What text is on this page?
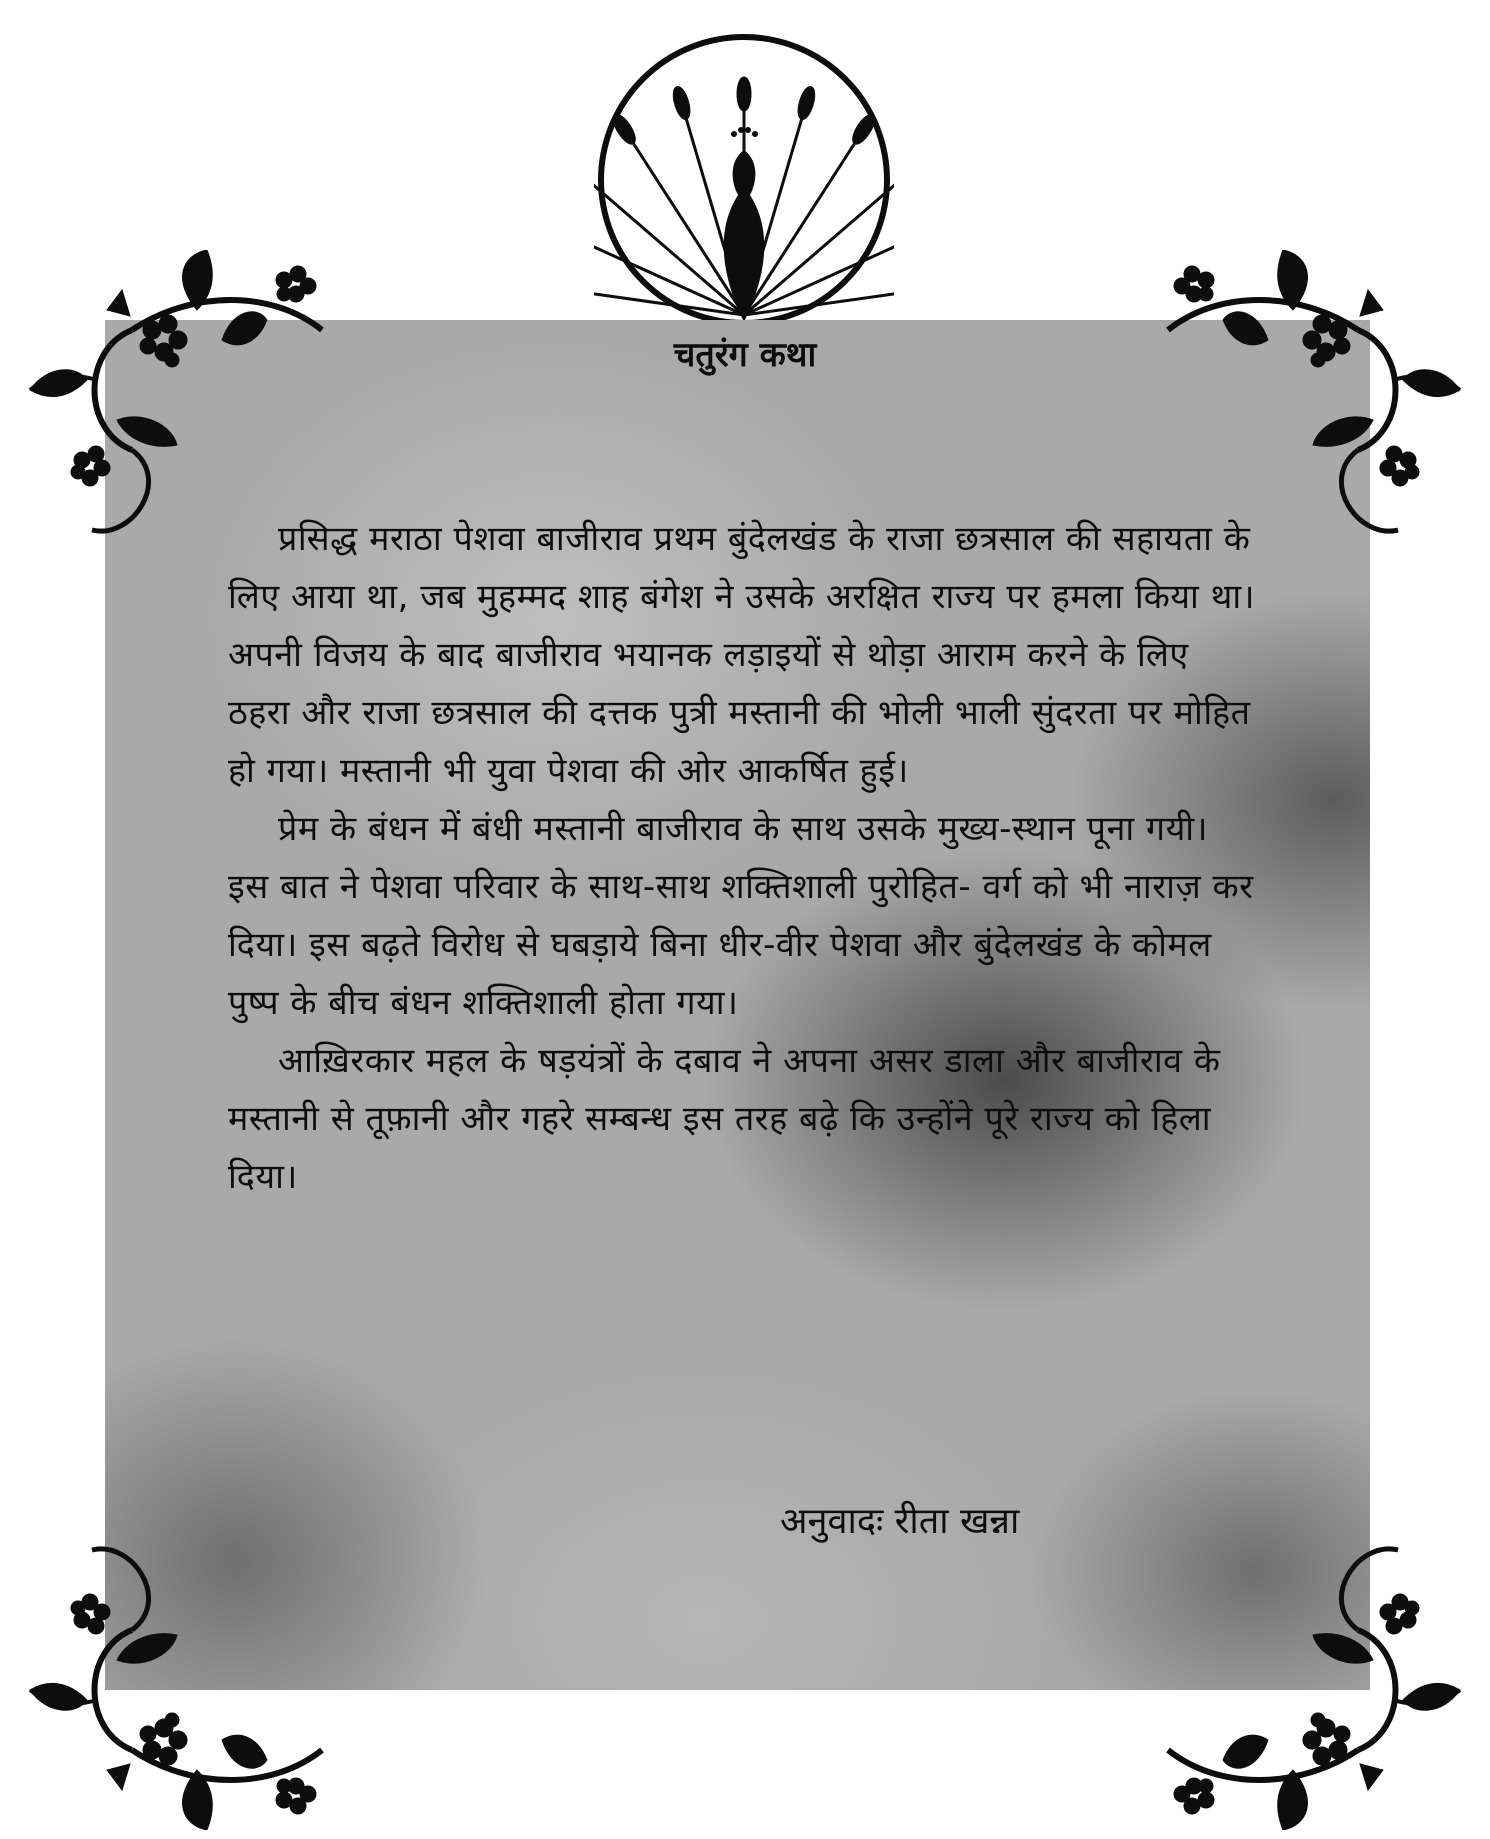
चतुरंग कथा

प्रसिद्ध मराठा पेशवा बाजीराव प्रथम बुंदेलखंड के राजा छत्रसाल की सहायता के लिए आया था, जब मुहम्मद शाह बंगेश ने उसके अरक्षित राज्य पर हमला किया था। अपनी विजय के बाद बाजीराव भयानक लड़ाइयों से थोड़ा आराम करने के लिए ठहरा और राजा छत्रसाल की दत्तक पुत्री मस्तानी की भोली भाली सुंदरता पर मोहित हो गया। मस्तानी भी युवा पेशवा की ओर आकर्षित हुई।

प्रेम के बंधन में बंधी मस्तानी बाजीराव के साथ उसके मुख्य-स्थान पूना गयी। इस बात ने पेशवा परिवार के साथ-साथ शक्तिशाली पुरोहित- वर्ग को भी नाराज़ कर दिया। इस बढ़ते विरोध से घबड़ाये बिना धीर-वीर पेशवा और बुंदेलखंड के कोमल पुष्प के बीच बंधन शक्तिशाली होता गया।

आख़िरकार महल के षड़यंत्रों के दबाव ने अपना असर डाला और बाजीराव के मस्तानी से तूफ़ानी और गहरे सम्बन्ध इस तरह बढ़े कि उन्होंने पूरे राज्य को हिला दिया।

अनुवादः रीता खन्ना
